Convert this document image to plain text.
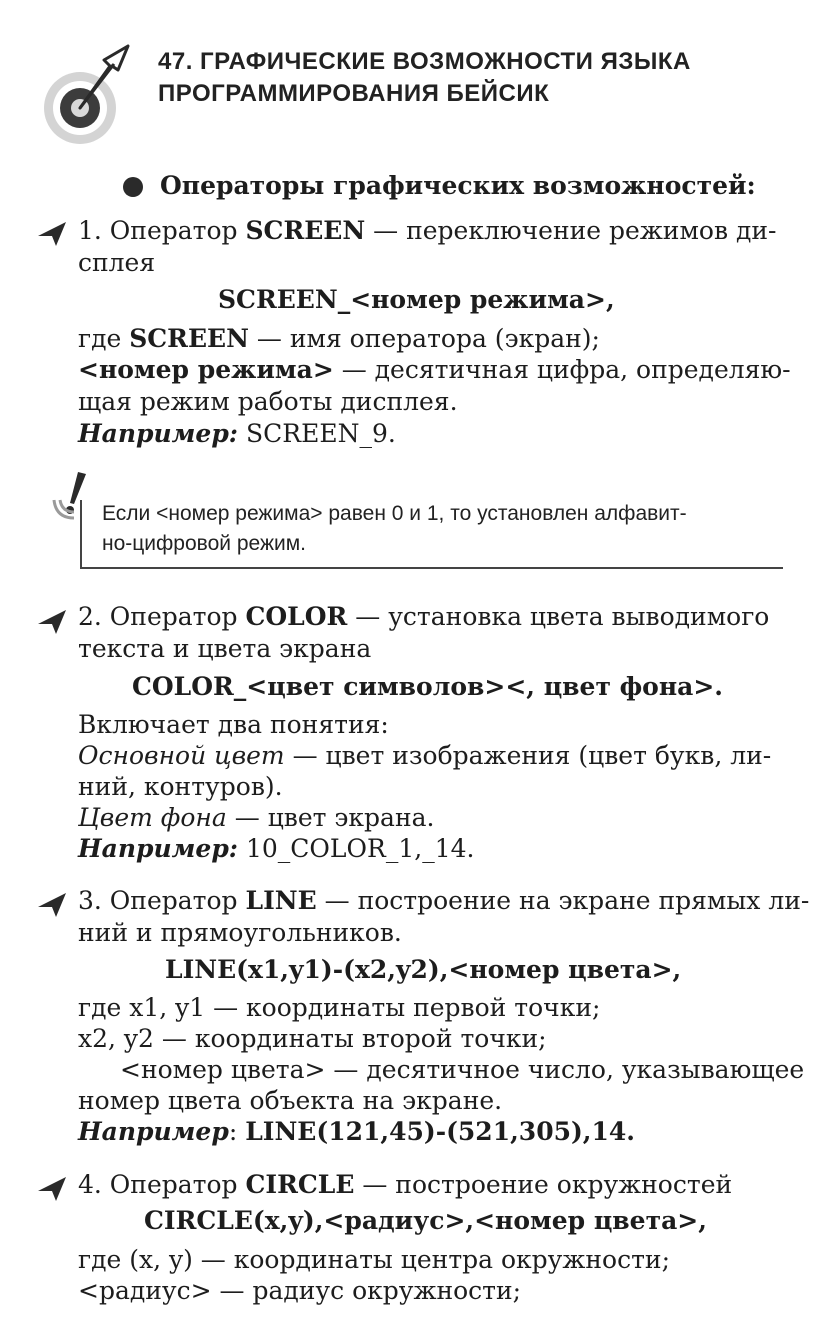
47. ГРАФИЧЕСКИЕ ВОЗМОЖНОСТИ ЯЗЫКА
ПРОГРАММИРОВАНИЯ БЕЙСИК
Операторы графических возможностей:
1. Оператор SCREEN — переключение режимов ди-
сплея
SCREEN_<номер режима>,
где SCREEN — имя оператора (экран);
<номер режима> — десятичная цифра, определяю-
щая режим работы дисплея.
Например: SCREEN_9.
Если <номер режима> равен 0 и 1, то установлен алфавит-
но-цифровой режим.
2. Оператор COLOR — установка цвета выводимого
текста и цвета экрана
COLOR_<цвет символов><, цвет фона>.
Включает два понятия:
Основной цвет — цвет изображения (цвет букв, ли-
ний, контуров).
Цвет фона — цвет экрана.
Например: 10_COLOR_1,_14.
3. Оператор LINE — построение на экране прямых ли-
ний и прямоугольников.
LINE(x1,y1)-(x2,y2),<номер цвета>,
где x1, y1 — координаты первой точки;
x2, y2 — координаты второй точки;
<номер цвета> — десятичное число, указывающее
номер цвета объекта на экране.
Например: LINE(121,45)-(521,305),14.
4. Оператор CIRCLE — построение окружностей
CIRCLE(x,y),<радиус>,<номер цвета>,
где (x, y) — координаты центра окружности;
<радиус> — радиус окружности;
